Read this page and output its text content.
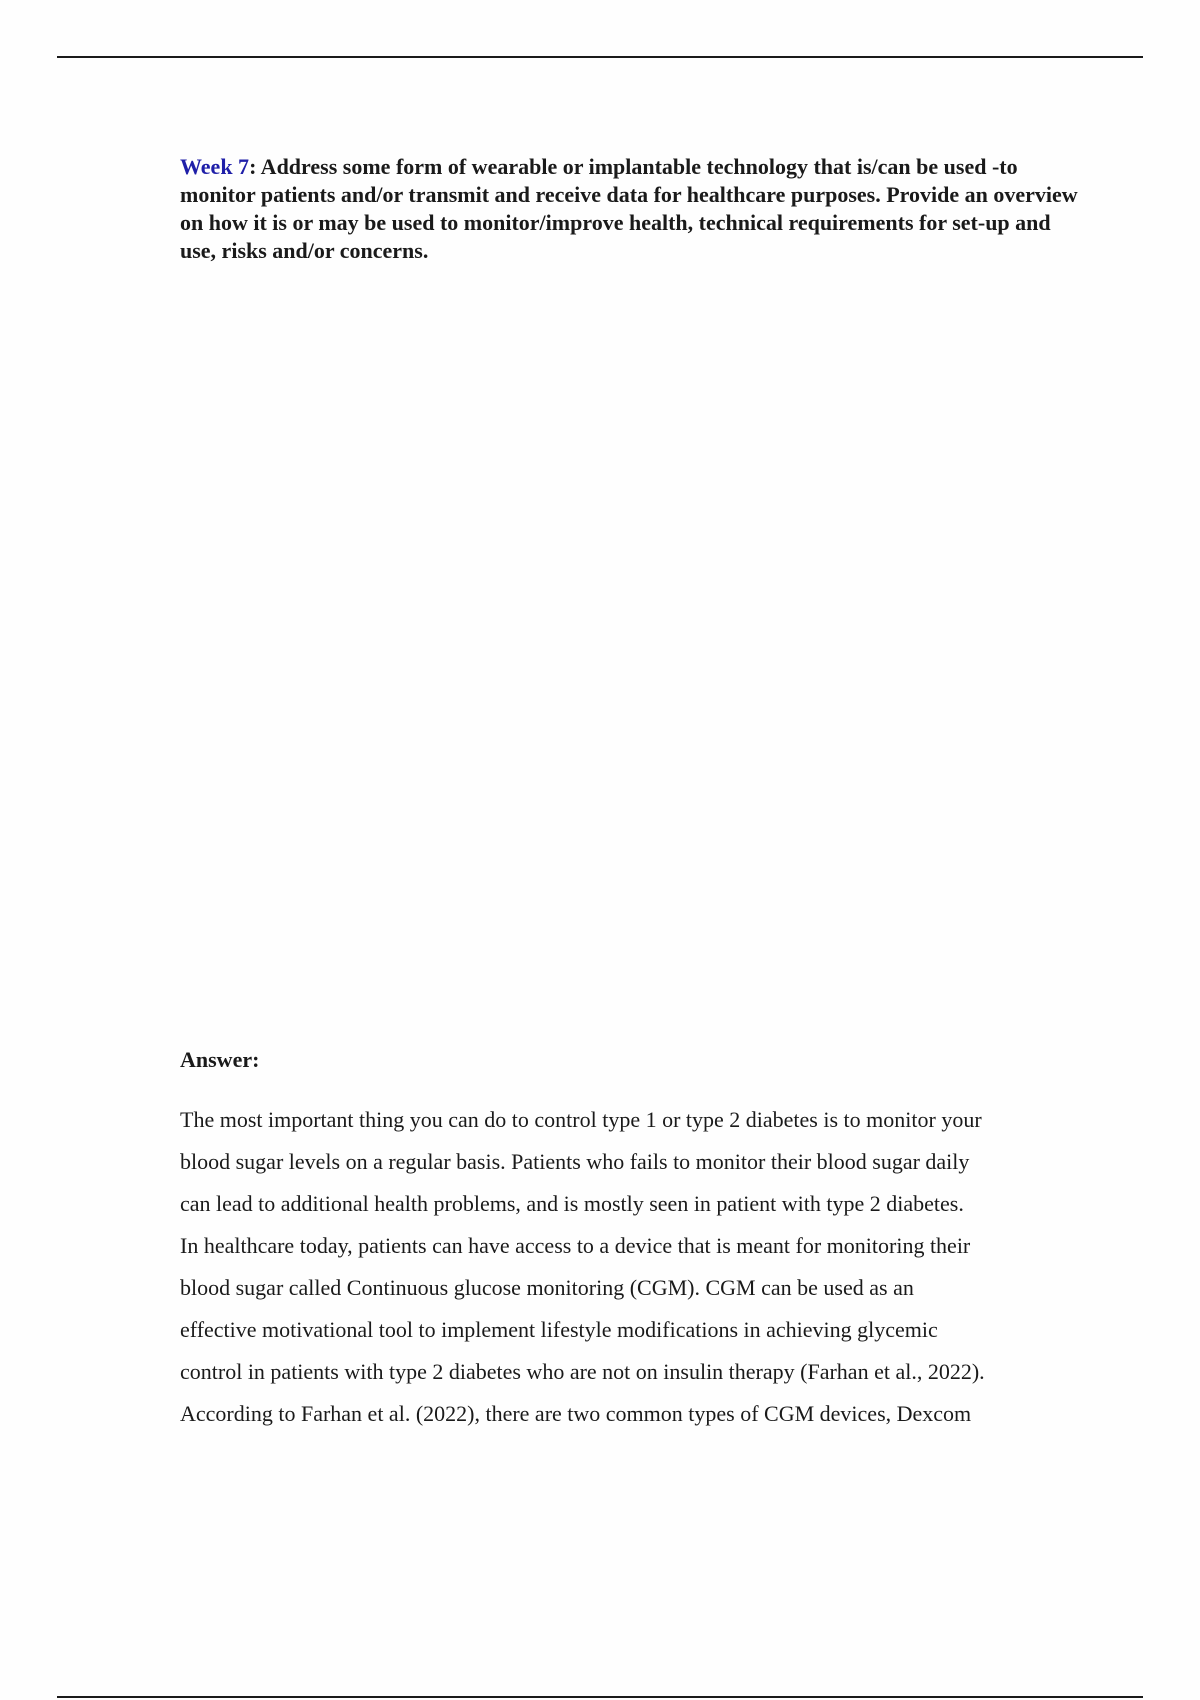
Week 7: Address some form of wearable or implantable technology that is/can be used -to monitor patients and/or transmit and receive data for healthcare purposes. Provide an overview on how it is or may be used to monitor/improve health, technical requirements for set-up and use, risks and/or concerns.
Answer:
The most important thing you can do to control type 1 or type 2 diabetes is to monitor your
blood sugar levels on a regular basis. Patients who fails to monitor their blood sugar daily
can lead to additional health problems, and is mostly seen in patient with type 2 diabetes.
In healthcare today, patients can have access to a device that is meant for monitoring their
blood sugar called Continuous glucose monitoring (CGM). CGM can be used as an
effective motivational tool to implement lifestyle modifications in achieving glycemic
control in patients with type 2 diabetes who are not on insulin therapy (Farhan et al., 2022).
According to Farhan et al. (2022), there are two common types of CGM devices, Dexcom
